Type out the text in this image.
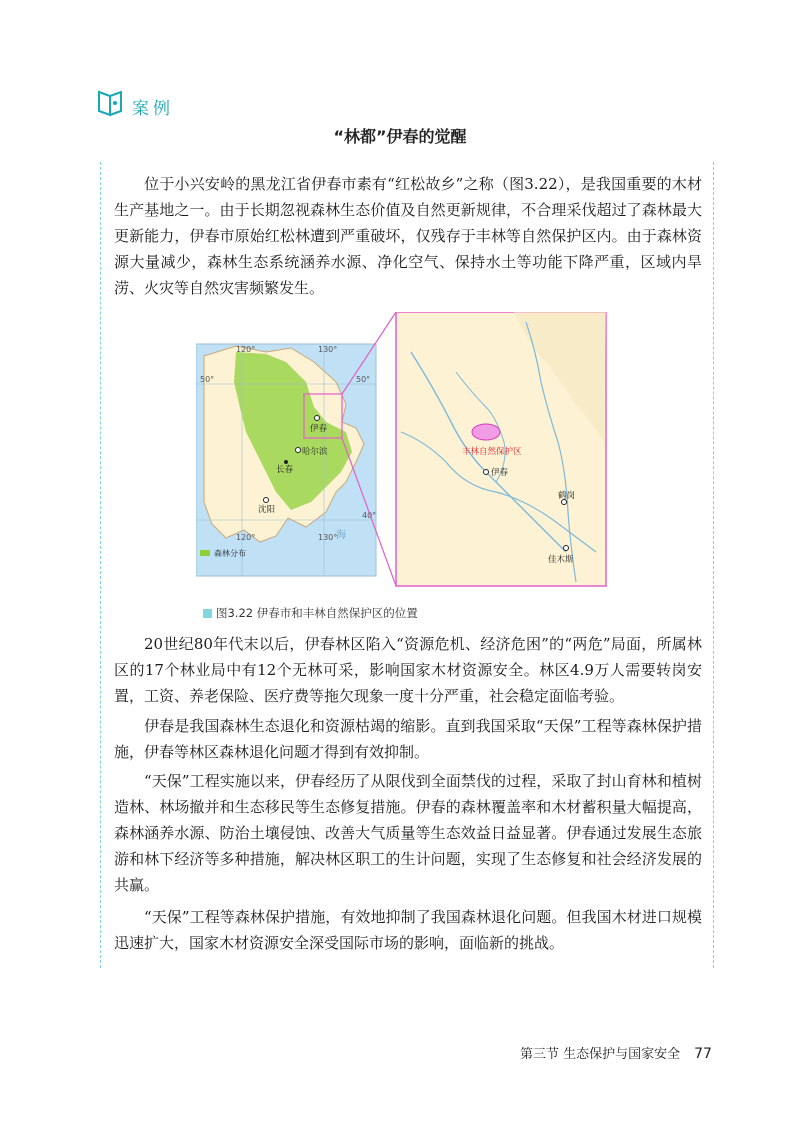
案例
“林都”伊春的觉醒

位于小兴安岭的黑龙江省伊春市素有“红松故乡”之称（图3.22），是我国重要的木材生产基地之一。由于长期忽视森林生态价值及自然更新规律，不合理采伐超过了森林最大更新能力，伊春市原始红松林遭到严重破坏，仅残存于丰林等自然保护区内。由于森林资源大量减少，森林生态系统涵养水源、净化空气、保持水土等功能下降严重，区域内旱涝、火灾等自然灾害频繁发生。

120°	130°
120°	130°
50°	50°
40°
伊春
哈尔滨
长春
沈阳
海
森林分布
丰林自然保护区
伊春
鹤岗
佳木斯
图3.22 伊春市和丰林自然保护区的位置

20世纪80年代末以后，伊春林区陷入“资源危机、经济危困”的“两危”局面，所属林区的17个林业局中有12个无林可采，影响国家木材资源安全。林区4.9万人需要转岗安置，工资、养老保险、医疗费等拖欠现象一度十分严重，社会稳定面临考验。

伊春是我国森林生态退化和资源枯竭的缩影。直到我国采取“天保”工程等森林保护措施，伊春等林区森林退化问题才得到有效抑制。

“天保”工程实施以来，伊春经历了从限伐到全面禁伐的过程，采取了封山育林和植树造林、林场撤并和生态移民等生态修复措施。伊春的森林覆盖率和木材蓄积量大幅提高，森林涵养水源、防治土壤侵蚀、改善大气质量等生态效益日益显著。伊春通过发展生态旅游和林下经济等多种措施，解决林区职工的生计问题，实现了生态修复和社会经济发展的共赢。

“天保”工程等森林保护措施，有效地抑制了我国森林退化问题。但我国木材进口规模迅速扩大，国家木材资源安全深受国际市场的影响，面临新的挑战。

第三节 生态保护与国家安全 77
